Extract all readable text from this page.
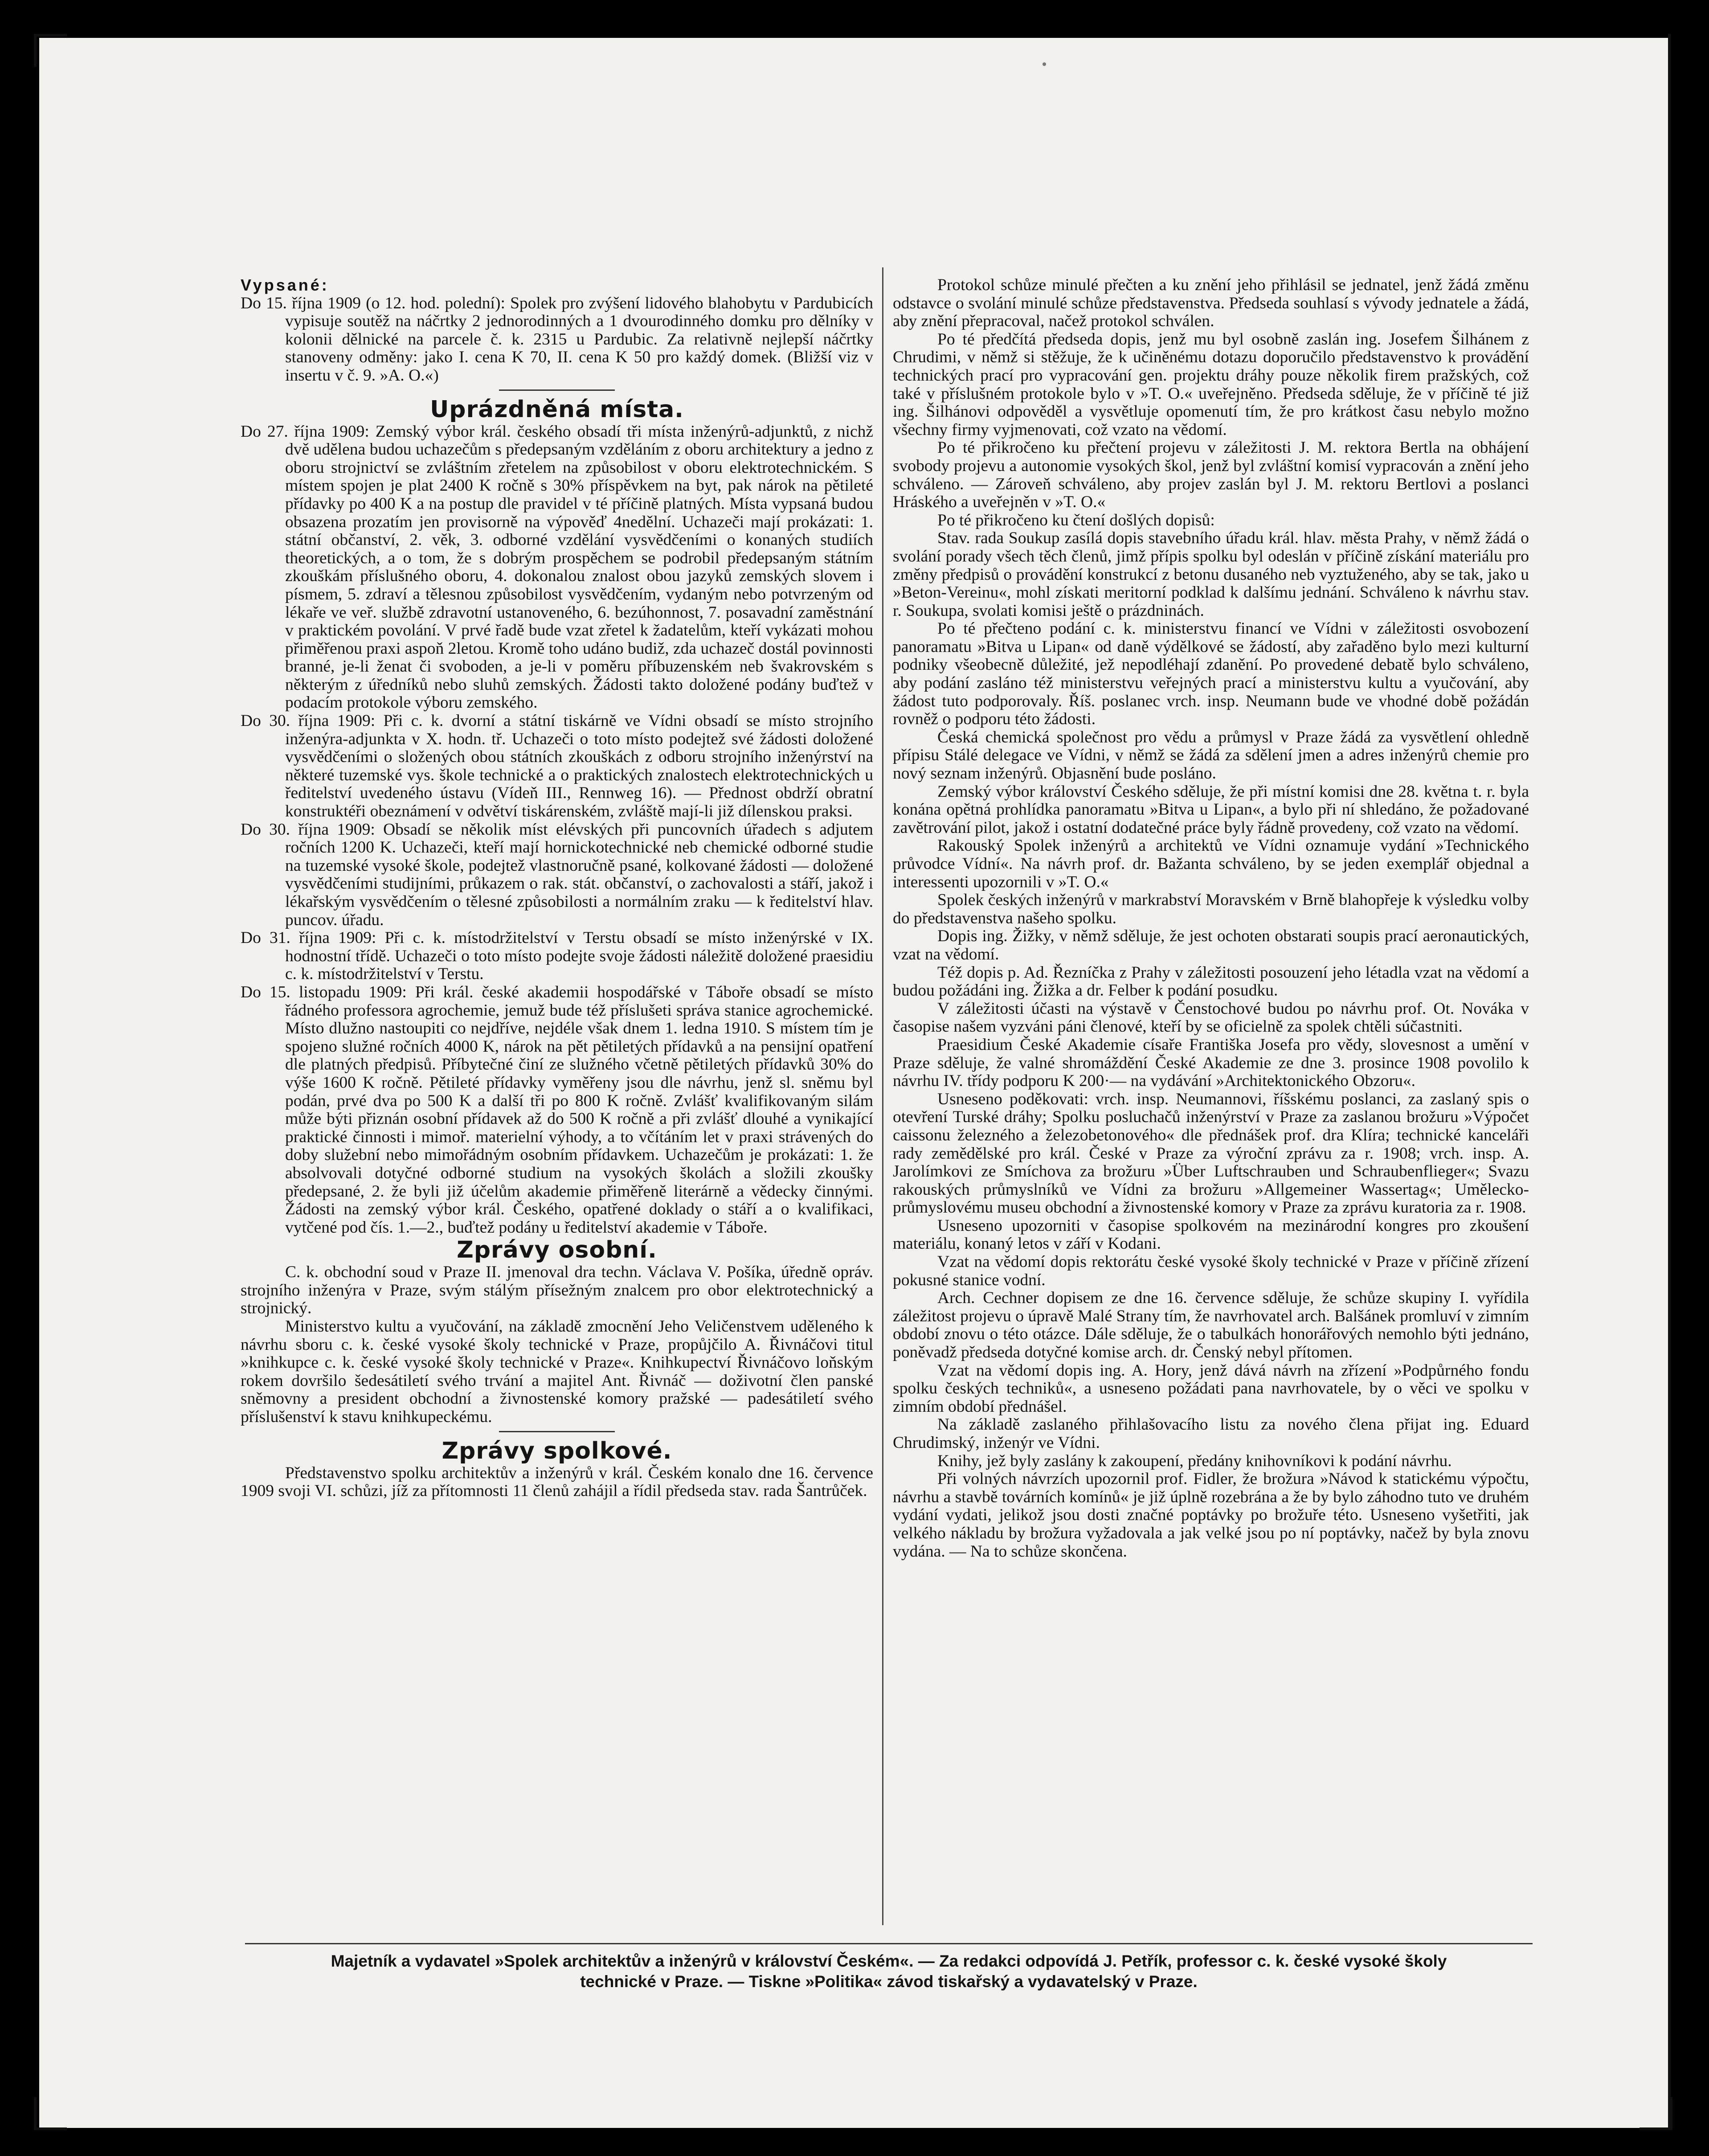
Vypsané:

Do 15. října 1909 (o 12. hod. polední): Spolek pro zvýšení lidového blahobytu v Pardubicích vypisuje soutěž na náčrtky 2 jednorodinných a 1 dvourodinného domku pro dělníky v kolonii dělnické na parcele č. k. 2315 u Pardubic. Za relativně nejlepší náčrtky stanoveny odměny: jako I. cena K 70, II. cena K 50 pro každý domek. (Bližší viz v insertu v č. 9. »A. O.«)

Uprázdněná místa.

Do 27. října 1909: Zemský výbor král. českého obsadí tři místa inženýrů-adjunktů, z nichž dvě udělena budou uchazečům s předepsaným vzděláním z oboru architektury a jedno z oboru strojnictví se zvláštním zřetelem na způsobilost v oboru elektrotechnickém. S místem spojen je plat 2400 K ročně s 30% příspěvkem na byt, pak nárok na pětileté přídavky po 400 K a na postup dle pravidel v té příčině platných. Místa vypsaná budou obsazena prozatím jen provisorně na výpověď 4nedělní. Uchazeči mají prokázati: 1. státní občanství, 2. věk, 3. odborné vzdělání vysvědčeními o konaných studiích theoretických, a o tom, že s dobrým prospěchem se podrobil předepsaným státním zkouškám příslušného oboru, 4. dokonalou znalost obou jazyků zemských slovem i písmem, 5. zdraví a tělesnou způsobilost vysvědčením, vydaným nebo potvrzeným od lékaře ve veř. službě zdravotní ustanoveného, 6. bezúhonnost, 7. posavadní zaměstnání v praktickém povolání. V prvé řadě bude vzat zřetel k žadatelům, kteří vykázati mohou přiměřenou praxi aspoň 2letou. Kromě toho udáno budiž, zda uchazeč dostál povinnosti branné, je-li ženat či svoboden, a je-li v poměru příbuzenském neb švakrovském s některým z úředníků nebo sluhů zemských. Žádosti takto doložené podány buďtež v podacím protokole výboru zemského.

Do 30. října 1909: Při c. k. dvorní a státní tiskárně ve Vídni obsadí se místo strojního inženýra-adjunkta v X. hodn. tř. Uchazeči o toto místo podejtež své žádosti doložené vysvědčeními o složených obou státních zkouškách z odboru strojního inženýrství na některé tuzemské vys. škole technické a o praktických znalostech elektrotechnických u ředitelství uvedeného ústavu (Vídeň III., Rennweg 16). — Přednost obdrží obratní konstruktéři obeznámení v odvětví tiskárenském, zvláště mají-li již dílenskou praksi.

Do 30. října 1909: Obsadí se několik míst elévských při puncovních úřadech s adjutem ročních 1200 K. Uchazeči, kteří mají hornickotechnické neb chemické odborné studie na tuzemské vysoké škole, podejtež vlastnoručně psané, kolkované žádosti — doložené vysvědčeními studijními, průkazem o rak. stát. občanství, o zachovalosti a stáří, jakož i lékařským vysvědčením o tělesné způsobilosti a normálním zraku — k ředitelství hlav. puncov. úřadu.

Do 31. října 1909: Při c. k. místodržitelství v Terstu obsadí se místo inženýrské v IX. hodnostní třídě. Uchazeči o toto místo podejte svoje žádosti náležitě doložené praesidiu c. k. místodržitelství v Terstu.

Do 15. listopadu 1909: Při král. české akademii hospodářské v Táboře obsadí se místo řádného professora agrochemie, jemuž bude též příslušeti správa stanice agrochemické. Místo dlužno nastoupiti co nejdříve, nejdéle však dnem 1. ledna 1910. S místem tím je spojeno služné ročních 4000 K, nárok na pět pětiletých přídavků a na pensijní opatření dle platných předpisů. Příbytečné činí ze služného včetně pětiletých přídavků 30% do výše 1600 K ročně. Pětileté přídavky vyměřeny jsou dle návrhu, jenž sl. sněmu byl podán, prvé dva po 500 K a další tři po 800 K ročně. Zvlášť kvalifikovaným silám může býti přiznán osobní přídavek až do 500 K ročně a při zvlášť dlouhé a vynikající praktické činnosti i mimoř. materielní výhody, a to včítáním let v praxi strávených do doby služební nebo mimořádným osobním přídavkem. Uchazečům je prokázati: 1. že absolvovali dotyčné odborné studium na vysokých školách a složili zkoušky předepsané, 2. že byli již účelům akademie přiměřeně literárně a vědecky činnými. Žádosti na zemský výbor král. Českého, opatřené doklady o stáří a o kvalifikaci, vytčené pod čís. 1.—2., buďtež podány u ředitelství akademie v Táboře.

Zprávy osobní.

C. k. obchodní soud v Praze II. jmenoval dra techn. Václava V. Pošíka, úředně opráv. strojního inženýra v Praze, svým stálým přísežným znalcem pro obor elektrotechnický a strojnický.

Ministerstvo kultu a vyučování, na základě zmocnění Jeho Veličenstvem uděleného k návrhu sboru c. k. české vysoké školy technické v Praze, propůjčilo A. Řivnáčovi titul »knihkupce c. k. české vysoké školy technické v Praze«. Knihkupectví Řivnáčovo loňským rokem dovršilo šedesátiletí svého trvání a majitel Ant. Řivnáč — doživotní člen panské sněmovny a president obchodní a živnostenské komory pražské — padesátiletí svého příslušenství k stavu knihkupeckému.

Zprávy spolkové.

Představenstvo spolku architektův a inženýrů v král. Českém konalo dne 16. července 1909 svoji VI. schůzi, jíž za přítomnosti 11 členů zahájil a řídil předseda stav. rada Šantrůček.

Protokol schůze minulé přečten a ku znění jeho přihlásil se jednatel, jenž žádá změnu odstavce o svolání minulé schůze představenstva. Předseda souhlasí s vývody jednatele a žádá, aby znění přepracoval, načež protokol schválen.

Po té předčítá předseda dopis, jenž mu byl osobně zaslán ing. Josefem Šilhánem z Chrudimi, v němž si stěžuje, že k učiněnému dotazu doporučilo představenstvo k provádění technických prací pro vypracování gen. projektu dráhy pouze několik firem pražských, což také v příslušném protokole bylo v »T. O.« uveřejněno. Předseda sděluje, že v příčině té již ing. Šilhánovi odpověděl a vysvětluje opomenutí tím, že pro krátkost času nebylo možno všechny firmy vyjmenovati, což vzato na vědomí.

Po té přikročeno ku přečtení projevu v záležitosti J. M. rektora Bertla na obhájení svobody projevu a autonomie vysokých škol, jenž byl zvláštní komisí vypracován a znění jeho schváleno. — Zároveň schváleno, aby projev zaslán byl J. M. rektoru Bertlovi a poslanci Hráského a uveřejněn v »T. O.«

Po té přikročeno ku čtení došlých dopisů:

Stav. rada Soukup zasílá dopis stavebního úřadu král. hlav. města Prahy, v němž žádá o svolání porady všech těch členů, jimž přípis spolku byl odeslán v příčině získání materiálu pro změny předpisů o provádění konstrukcí z betonu dusaného neb vyztuženého, aby se tak, jako u »Beton-Vereinu«, mohl získati meritorní podklad k dalšímu jednání. Schváleno k návrhu stav. r. Soukupa, svolati komisi ještě o prázdninách.

Po té přečteno podání c. k. ministerstvu financí ve Vídni v záležitosti osvobození panoramatu »Bitva u Lipan« od daně výdělkové se žádostí, aby zařaděno bylo mezi kulturní podniky všeobecně důležité, jež nepodléhají zdanění. Po provedené debatě bylo schváleno, aby podání zasláno též ministerstvu veřejných prací a ministerstvu kultu a vyučování, aby žádost tuto podporovaly. Říš. poslanec vrch. insp. Neumann bude ve vhodné době požádán rovněž o podporu této žádosti.

Česká chemická společnost pro vědu a průmysl v Praze žádá za vysvětlení ohledně přípisu Stálé delegace ve Vídni, v němž se žádá za sdělení jmen a adres inženýrů chemie pro nový seznam inženýrů. Objasnění bude posláno.

Zemský výbor království Českého sděluje, že při místní komisi dne 28. května t. r. byla konána opětná prohlídka panoramatu »Bitva u Lipan«, a bylo při ní shledáno, že požadované zavětrování pilot, jakož i ostatní dodatečné práce byly řádně provedeny, což vzato na vědomí.

Rakouský Spolek inženýrů a architektů ve Vídni oznamuje vydání »Technického průvodce Vídní«. Na návrh prof. dr. Bažanta schváleno, by se jeden exemplář objednal a interessenti upozornili v »T. O.«

Spolek českých inženýrů v markrabství Moravském v Brně blahopřeje k výsledku volby do představenstva našeho spolku.

Dopis ing. Žižky, v němž sděluje, že jest ochoten obstarati soupis prací aeronautických, vzat na vědomí.

Též dopis p. Ad. Řezníčka z Prahy v záležitosti posouzení jeho létadla vzat na vědomí a budou požádáni ing. Žižka a dr. Felber k podání posudku.

V záležitosti účasti na výstavě v Čenstochové budou po návrhu prof. Ot. Nováka v časopise našem vyzváni páni členové, kteří by se oficielně za spolek chtěli súčastniti.

Praesidium České Akademie císaře Františka Josefa pro vědy, slovesnost a umění v Praze sděluje, že valné shromáždění České Akademie ze dne 3. prosince 1908 povolilo k návrhu IV. třídy podporu K 200·— na vydávání »Architektonického Obzoru«.

Usneseno poděkovati: vrch. insp. Neumannovi, říšskému poslanci, za zaslaný spis o otevření Turské dráhy; Spolku posluchačů inženýrství v Praze za zaslanou brožuru »Výpočet caissonu železného a železobetonového« dle přednášek prof. dra Klíra; technické kanceláři rady zemědělské pro král. České v Praze za výroční zprávu za r. 1908; vrch. insp. A. Jarolímkovi ze Smíchova za brožuru »Über Luftschrauben und Schraubenflieger«; Svazu rakouských průmyslníků ve Vídni za brožuru »Allgemeiner Wassertag«; Umělecko-průmyslovému museu obchodní a živnostenské komory v Praze za zprávu kuratoria za r. 1908.

Usneseno upozorniti v časopise spolkovém na mezinárodní kongres pro zkoušení materiálu, konaný letos v září v Kodani.

Vzat na vědomí dopis rektorátu české vysoké školy technické v Praze v příčině zřízení pokusné stanice vodní.

Arch. Cechner dopisem ze dne 16. července sděluje, že schůze skupiny I. vyřídila záležitost projevu o úpravě Malé Strany tím, že navrhovatel arch. Balšánek promluví v zimním období znovu o této otázce. Dále sděluje, že o tabulkách honorářových nemohlo býti jednáno, poněvadž předseda dotyčné komise arch. dr. Čenský nebyl přítomen.

Vzat na vědomí dopis ing. A. Hory, jenž dává návrh na zřízení »Podpůrného fondu spolku českých techniků«, a usneseno požádati pana navrhovatele, by o věci ve spolku v zimním období přednášel.

Na základě zaslaného přihlašovacího listu za nového člena přijat ing. Eduard Chrudimský, inženýr ve Vídni.

Knihy, jež byly zaslány k zakoupení, předány knihovníkovi k podání návrhu.

Při volných návrzích upozornil prof. Fidler, že brožura »Návod k statickému výpočtu, návrhu a stavbě továrních komínů« je již úplně rozebrána a že by bylo záhodno tuto ve druhém vydání vydati, jelikož jsou dosti značné poptávky po brožuře této. Usneseno vyšetřiti, jak velkého nákladu by brožura vyžadovala a jak velké jsou po ní poptávky, načež by byla znovu vydána. — Na to schůze skončena.

Majetník a vydavatel »Spolek architektův a inženýrů v království Českém«. — Za redakci odpovídá J. Petřík, professor c. k. české vysoké školy
technické v Praze. — Tiskne »Politika« závod tiskařský a vydavatelský v Praze.
